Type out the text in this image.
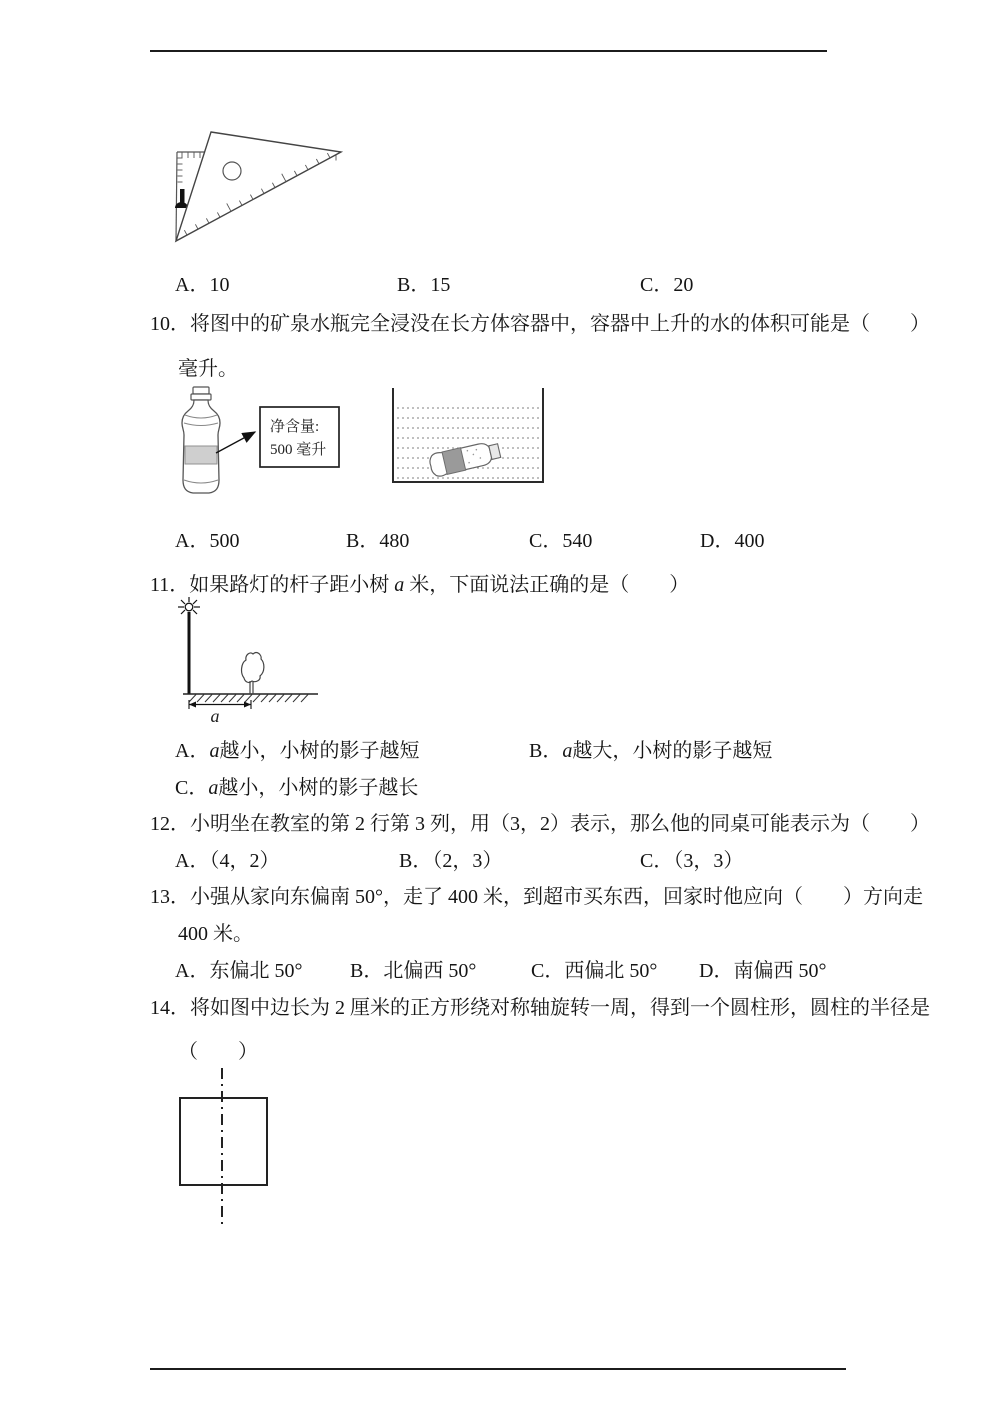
A．10	B．15	C．20
10．将图中的矿泉水瓶完全浸没在长方体容器中，容器中上升的水的体积可能是（　　）
毫升。
净含量:
500 毫升
A．500	B．480	C．540	D．400
11．如果路灯的杆子距小树 a 米，下面说法正确的是（　　）
a
A．a越小，小树的影子越短	B．a越大，小树的影子越短
C．a越小，小树的影子越长
12．小明坐在教室的第 2 行第 3 列，用（3，2）表示，那么他的同桌可能表示为（　　）
A．（4，2）	B．（2，3）	C．（3，3）
13．小强从家向东偏南 50°，走了 400 米，到超市买东西，回家时他应向（　　）方向走
400 米。
A．东偏北 50° B．北偏西 50°	C．西偏北 50° D．南偏西 50°
14．将如图中边长为 2 厘米的正方形绕对称轴旋转一周，得到一个圆柱形，圆柱的半径是
（　　）
